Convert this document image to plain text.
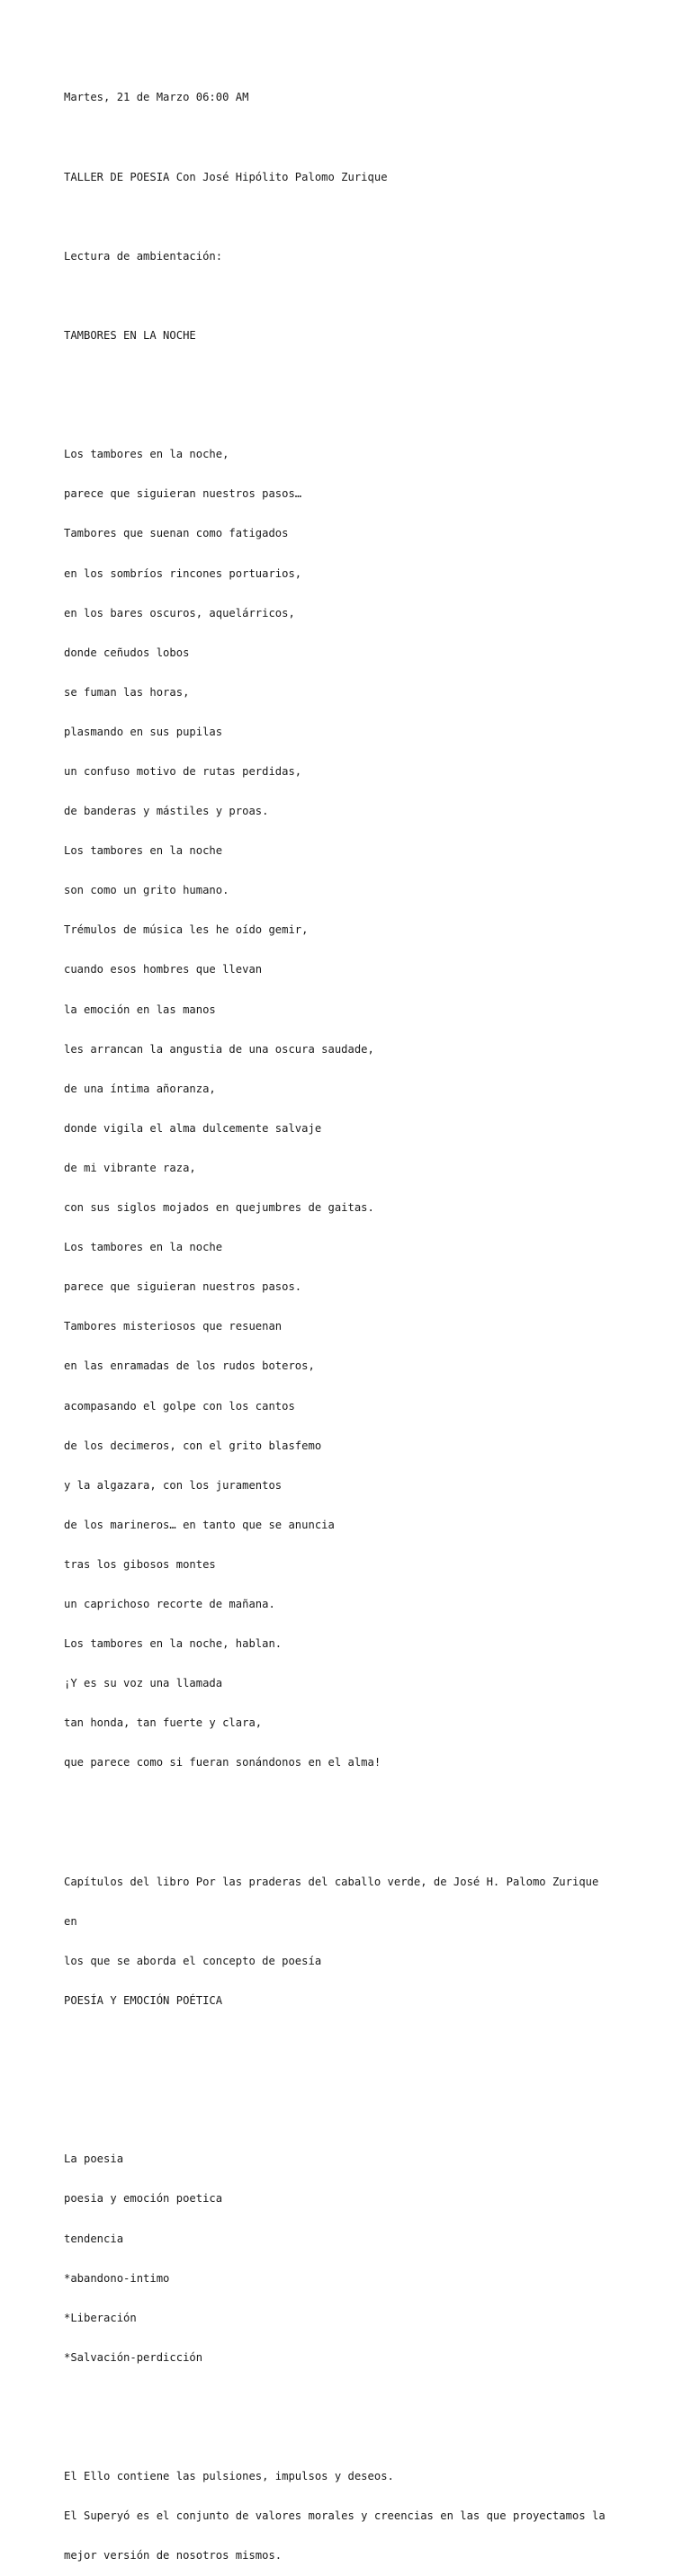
Martes, 21 de Marzo 06:00 AM

TALLER DE POESIA Con José Hipólito Palomo Zurique

Lectura de ambientación:

TAMBORES EN LA NOCHE

Los tambores en la noche,

parece que siguieran nuestros pasos…

Tambores que suenan como fatigados

en los sombríos rincones portuarios,

en los bares oscuros, aquelárricos,

donde ceñudos lobos

se fuman las horas,

plasmando en sus pupilas

un confuso motivo de rutas perdidas,

de banderas y mástiles y proas.

Los tambores en la noche

son como un grito humano.

Trémulos de música les he oído gemir,

cuando esos hombres que llevan

la emoción en las manos

les arrancan la angustia de una oscura saudade,

de una íntima añoranza,

donde vigila el alma dulcemente salvaje

de mi vibrante raza,

con sus siglos mojados en quejumbres de gaitas.

Los tambores en la noche

parece que siguieran nuestros pasos.

Tambores misteriosos que resuenan

en las enramadas de los rudos boteros,

acompasando el golpe con los cantos

de los decimeros, con el grito blasfemo

y la algazara, con los juramentos

de los marineros… en tanto que se anuncia

tras los gibosos montes

un caprichoso recorte de mañana.

Los tambores en la noche, hablan.

¡Y es su voz una llamada

tan honda, tan fuerte y clara,

que parece como si fueran sonándonos en el alma!

Capítulos del libro Por las praderas del caballo verde, de José H. Palomo Zurique

en

los que se aborda el concepto de poesía

POESÍA Y EMOCIÓN POÉTICA

La poesia

poesia y emoción poetica

tendencia

*abandono-intimo

*Liberación

*Salvación-perdicción

El Ello contiene las pulsiones, impulsos y deseos.

El Superyó es el conjunto de valores morales y creencias en las que proyectamos la

mejor versión de nosotros mismos.
